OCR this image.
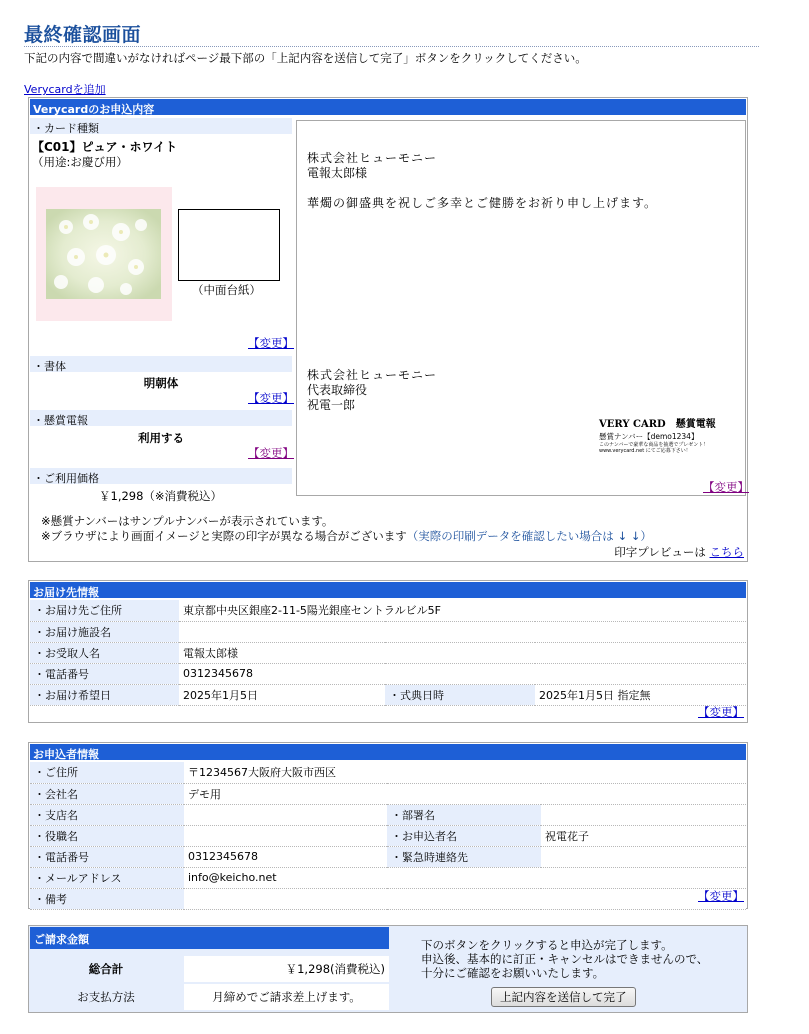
最終確認画面
下記の内容で間違いがなければページ最下部の「上記内容を送信して完了」ボタンをクリックしてください。
Verycardを追加
Verycardのお申込内容
・カード種類
【C01】ピュア・ホワイト
（用途:お慶び用）
（中面台紙）
【変更】
・書体
明朝体
【変更】
・懸賞電報
利用する
【変更】
・ご利用価格
￥1,298（※消費税込）
株式会社ヒューモニー
電報太郎様
華燭の御盛典を祝しご多幸とご健勝をお祈り申し上げます。
株式会社ヒューモニー
代表取締役
祝電一郎
VERY CARD　懸賞電報
懸賞ナンバー【demo1234】
このナンバーで豪華な商品を抽選でプレゼント！
www.verycard.net にてご応募下さい！
【変更】
※懸賞ナンバーはサンプルナンバーが表示されています。
※ブラウザにより画面イメージと実際の印字が異なる場合がございます（実際の印刷データを確認したい場合は ↓ ↓）
印字プレビューは こちら
お届け先情報
・お届け先ご住所	東京都中央区銀座2-11-5陽光銀座セントラルビル5F		
・お届け施設名			
・お受取人名	電報太郎様		
・電話番号	0312345678		
・お届け希望日	2025年1月5日	・式典日時	2025年1月5日 指定無
【変更】
お申込者情報
・ご住所	〒1234567大阪府大阪市西区		
・会社名	デモ用		
・支店名		・部署名	
・役職名		・お申込者名	祝電花子
・電話番号	0312345678	・緊急時連絡先	
・メールアドレス	info@keicho.net		
・備考				【変更】
ご請求金額
総合計	￥1,298(消費税込)
お支払方法	月締めでご請求差上げます。
下のボタンをクリックすると申込が完了します。
申込後、基本的に訂正・キャンセルはできませんので、
十分にご確認をお願いいたします。
上記内容を送信して完了
